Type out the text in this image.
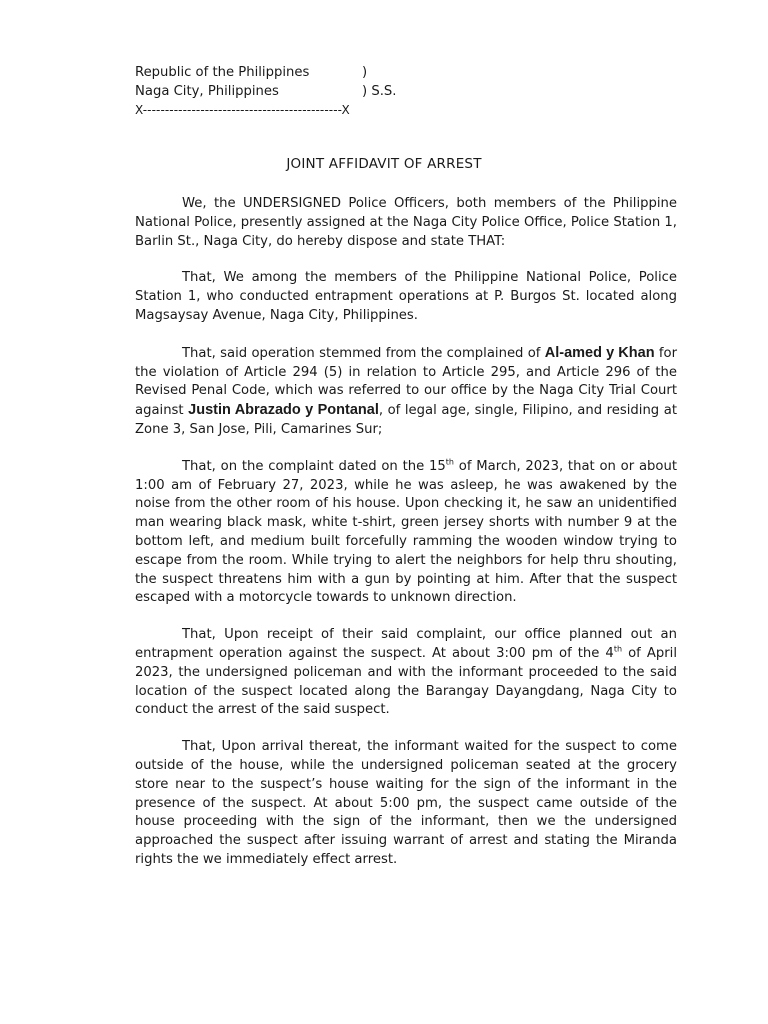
Republic of the Philippines	)
Naga City, Philippines	) S.S.
X---------------------------------------------X
JOINT AFFIDAVIT OF ARREST

We, the UNDERSIGNED Police Officers, both members of the Philippine National Police, presently assigned at the Naga City Police Office, Police Station 1, Barlin St., Naga City, do hereby dispose and state THAT:

That, We among the members of the Philippine National Police, Police Station 1, who conducted entrapment operations at P. Burgos St. located along Magsaysay Avenue, Naga City, Philippines.

That, said operation stemmed from the complained of Al-amed y Khan for the violation of Article 294 (5) in relation to Article 295, and Article 296 of the Revised Penal Code, which was referred to our office by the Naga City Trial Court against Justin Abrazado y Pontanal, of legal age, single, Filipino, and residing at Zone 3, San Jose, Pili, Camarines Sur;

That, on the complaint dated on the 15th of March, 2023, that on or about 1:00 am of February 27, 2023, while he was asleep, he was awakened by the noise from the other room of his house. Upon checking it, he saw an unidentified man wearing black mask, white t-shirt, green jersey shorts with number 9 at the bottom left, and medium built forcefully ramming the wooden window trying to escape from the room. While trying to alert the neighbors for help thru shouting, the suspect threatens him with a gun by pointing at him. After that the suspect escaped with a motorcycle towards to unknown direction.

That, Upon receipt of their said complaint, our office planned out an entrapment operation against the suspect. At about 3:00 pm of the 4th of April 2023, the undersigned policeman and with the informant proceeded to the said location of the suspect located along the Barangay Dayangdang, Naga City to conduct the arrest of the said suspect.

That, Upon arrival thereat, the informant waited for the suspect to come outside of the house, while the undersigned policeman seated at the grocery store near to the suspect’s house waiting for the sign of the informant in the presence of the suspect. At about 5:00 pm, the suspect came outside of the house proceeding with the sign of the informant, then we the undersigned approached the suspect after issuing warrant of arrest and stating the Miranda rights the we immediately effect arrest.
